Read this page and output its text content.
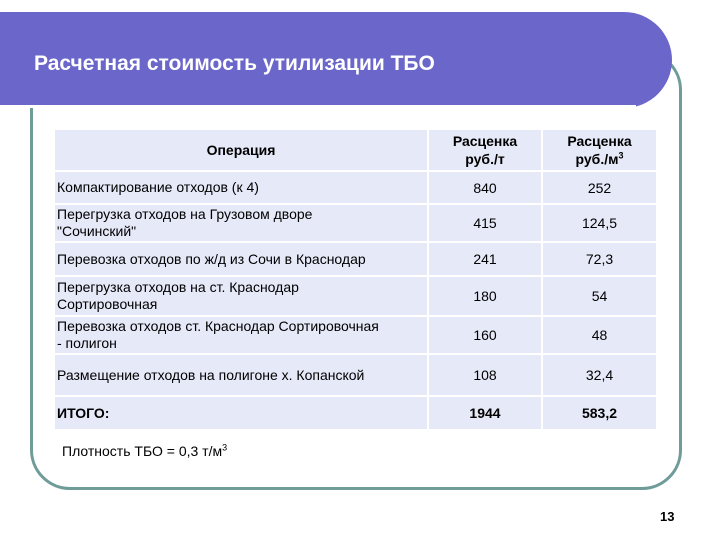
Расчетная стоимость утилизации ТБО
Операция	Расценка
руб./т	Расценка
$руб./м^3$
Компактирование отходов (к 4)	840	252
Перегрузка отходов на Грузовом дворе
"Сочинский"	415	124,5
Перевозка отходов по ж/д из Сочи в Краснодар	241	72,3
Перегрузка отходов на ст. Краснодар
Сортировочная	180	54
Перевозка отходов ст. Краснодар Сортировочная
- полигон	160	48
Размещение отходов на полигоне х. Копанской	108	32,4
ИТОГО:	1944	583,2
Плотность ТБО = 0,3 $т/м^3$
13
